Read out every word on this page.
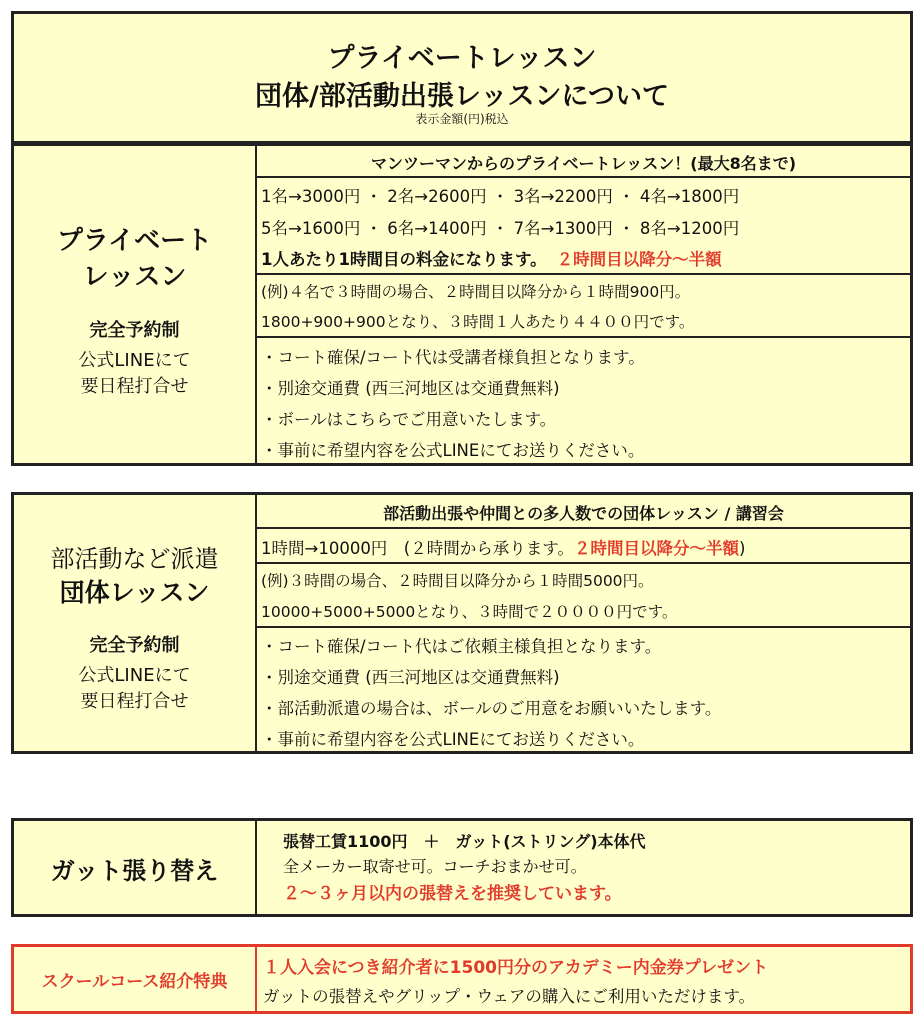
プライベートレッスン
団体/部活動出張レッスンについて
表示金額(円)税込
プライベート
レッスン
完全予約制
公式LINEにて
要日程打合せ
マンツーマンからのプライベートレッスン！(最大8名まで)
1名→3000円 ・ 2名→2600円 ・ 3名→2200円 ・ 4名→1800円
5名→1600円 ・ 6名→1400円 ・ 7名→1300円 ・ 8名→1200円
1人あたり1時間目の料金になります。 ２時間目以降分〜半額
(例)４名で３時間の場合、２時間目以降分から１時間900円。
1800+900+900となり、３時間１人あたり４４００円です。
・コート確保/コート代は受講者様負担となります。
・別途交通費 (西三河地区は交通費無料)
・ボールはこちらでご用意いたします。
・事前に希望内容を公式LINEにてお送りください。
部活動など派遣
団体レッスン
完全予約制
公式LINEにて
要日程打合せ
部活動出張や仲間との多人数での団体レッスン / 講習会
1時間→10000円　(２時間から承ります。２時間目以降分〜半額)
(例)３時間の場合、２時間目以降分から１時間5000円。
10000+5000+5000となり、３時間で２００００円です。
・コート確保/コート代はご依頼主様負担となります。
・別途交通費 (西三河地区は交通費無料)
・部活動派遣の場合は、ボールのご用意をお願いいたします。
・事前に希望内容を公式LINEにてお送りください。
ガット張り替え
張替工賃1100円　＋　ガット(ストリング)本体代
全メーカー取寄せ可。コーチおまかせ可。
２〜３ヶ月以内の張替えを推奨しています。
スクールコース紹介特典
１人入会につき紹介者に1500円分のアカデミー内金券プレゼント
ガットの張替えやグリップ・ウェアの購入にご利用いただけます。
